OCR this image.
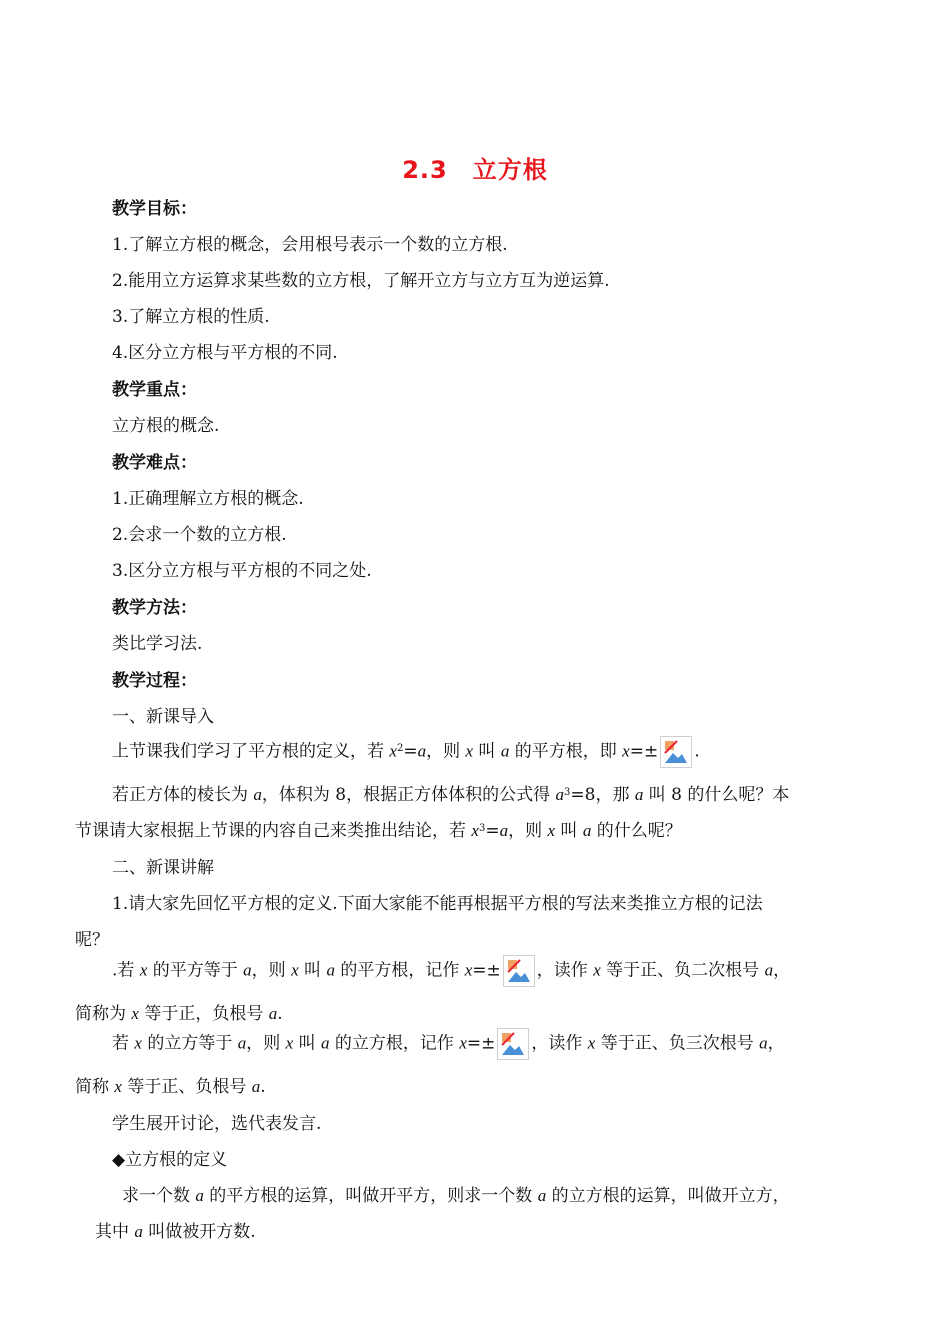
2.3　立方根
教学目标：
1.了解立方根的概念，会用根号表示一个数的立方根.
2.能用立方运算求某些数的立方根，了解开立方与立方互为逆运算.
3.了解立方根的性质.
4.区分立方根与平方根的不同.
教学重点：
立方根的概念.
教学难点：
1.正确理解立方根的概念.
2.会求一个数的立方根.
3.区分立方根与平方根的不同之处.
教学方法：
类比学习法.
教学过程：
一、新课导入
上节课我们学习了平方根的定义，若 $x^2=a$，则 x 叫 a 的平方根，即 x=± .
若正方体的棱长为 a，体积为 8，根据正方体体积的公式得 $a^3=8$，那 a 叫 8 的什么呢？本
节课请大家根据上节课的内容自己来类推出结论，若 $x^3=a$，则 x 叫 a 的什么呢？
二、新课讲解
1.请大家先回忆平方根的定义.下面大家能不能再根据平方根的写法来类推立方根的记法
呢？
.若 x 的平方等于 a，则 x 叫 a 的平方根，记作 x=± ，读作 x 等于正、负二次根号 a，
简称为 x 等于正，负根号 a.
若 x 的立方等于 a，则 x 叫 a 的立方根，记作 x=± ，读作 x 等于正、负三次根号 a，
简称 x 等于正、负根号 a.
学生展开讨论，选代表发言.
◆立方根的定义
求一个数 a 的平方根的运算，叫做开平方，则求一个数 a 的立方根的运算，叫做开立方，
其中 a 叫做被开方数.
